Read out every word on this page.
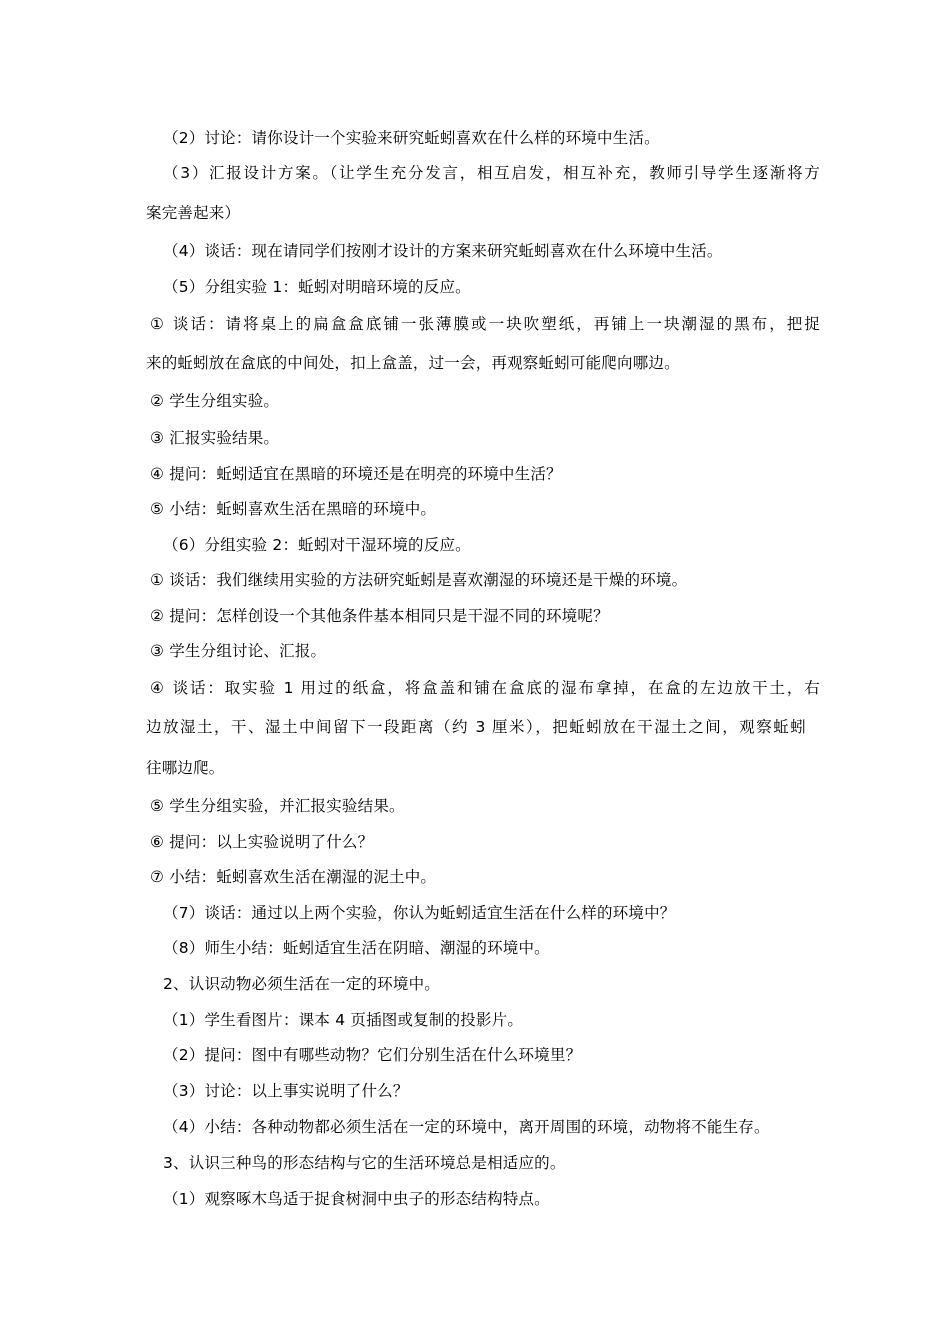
（2）讨论：请你设计一个实验来研究蚯蚓喜欢在什么样的环境中生活。
（3）汇报设计方案。（让学生充分发言，相互启发，相互补充，教师引导学生逐渐将方
案完善起来）
（4）谈话：现在请同学们按刚才设计的方案来研究蚯蚓喜欢在什么环境中生活。
（5）分组实验 1：蚯蚓对明暗环境的反应。
① 谈话：请将桌上的扁盒盒底铺一张薄膜或一块吹塑纸，再铺上一块潮湿的黑布，把捉
来的蚯蚓放在盒底的中间处，扣上盒盖，过一会，再观察蚯蚓可能爬向哪边。
② 学生分组实验。
③ 汇报实验结果。
④ 提问：蚯蚓适宜在黑暗的环境还是在明亮的环境中生活？
⑤ 小结：蚯蚓喜欢生活在黑暗的环境中。
（6）分组实验 2：蚯蚓对干湿环境的反应。
① 谈话：我们继续用实验的方法研究蚯蚓是喜欢潮湿的环境还是干燥的环境。
② 提问：怎样创设一个其他条件基本相同只是干湿不同的环境呢？
③ 学生分组讨论、汇报。
④ 谈话：取实验 1 用过的纸盒，将盒盖和铺在盒底的湿布拿掉，在盒的左边放干土，右
边放湿土，干、湿土中间留下一段距离（约 3 厘米），把蚯蚓放在干湿土之间，观察蚯蚓
往哪边爬。
⑤ 学生分组实验，并汇报实验结果。
⑥ 提问：以上实验说明了什么？
⑦ 小结：蚯蚓喜欢生活在潮湿的泥土中。
（7）谈话：通过以上两个实验，你认为蚯蚓适宜生活在什么样的环境中？
（8）师生小结：蚯蚓适宜生活在阴暗、潮湿的环境中。
2、认识动物必须生活在一定的环境中。
（1）学生看图片：课本 4 页插图或复制的投影片。
（2）提问：图中有哪些动物？它们分别生活在什么环境里？
（3）讨论：以上事实说明了什么？
（4）小结：各种动物都必须生活在一定的环境中，离开周围的环境，动物将不能生存。
3、认识三种鸟的形态结构与它的生活环境总是相适应的。
（1）观察啄木鸟适于捉食树洞中虫子的形态结构特点。
